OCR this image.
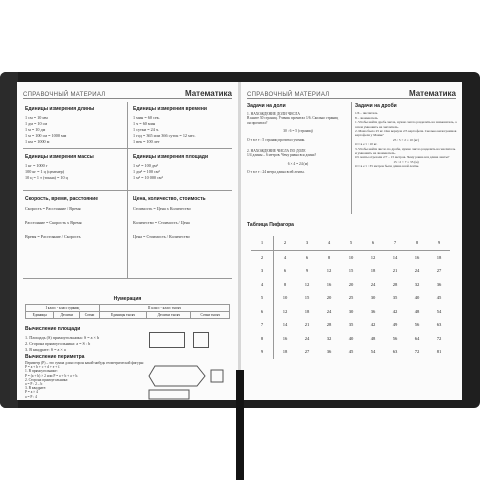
СПРАВОЧНЫЙ МАТЕРИАЛ	Математика
Единицы измерения длины
1 см = 10 мм
1 дм = 10 см
1 м = 10 дм
1 м = 100 см = 1000 мм
1 км = 1000 м
Единицы измерения времени
1 мин = 60 сек.
1 ч = 60 мин
1 сутки = 24 ч.
1 год = 365 или 366 суток = 12 мес.
1 век = 100 лет
Единицы измерения массы
1 кг = 1000 г
100 кг = 1 ц (центнер)
10 ц = 1 т (тонна) = 10 ц
Единицы измерения площади
1 м² = 100 дм²
1 дм² = 100 см²
1 м² = 10 000 см²
Скорость, время, расстояние
Скорость = Расстояние / Время
Расстояние = Скорость x Время
Время = Расстояние / Скорость
Цена, количество, стоимость
Стоимость = Цена x Количество
Количество = Стоимость / Цена
Цена = Стоимость / Количество
Нумерация
I класс - класс единиц			II класс - класс тысяч		
Единицы	Десятки	Сотни	Единицы тысяч	Десятки тысяч	Сотни тысяч
Вычисление площади
1. Площадь (S) прямоугольника: S = a × b
2. Сторона прямоугольника: a = S : b
3. В квадрате: S = a × a
Вычисление периметра
Периметр (P) – это сумма длин сторон какой-нибудь геометрической фигуры:
P = a + b + c + d + e + f.
1. В прямоугольнике:
P = (a + b) × 2 или P = a + b + a + b.
2. Сторона прямоугольника:
a = P : 2 – b
3. В квадрате:
P = a × 4
a = P : 4
СПРАВОЧНЫЙ МАТЕРИАЛ	Математика
Задачи на доли
1. НАХОЖДЕНИЕ ДОЛИ ЧИСЛА
В книге 30 страниц. Ученик прочитал 1/6. Сколько страниц
он прочитал?
30 : 6 = 5 (страниц)
О т в е т : 5 страниц прочитал ученик.
2. НАХОЖДЕНИЕ ЧИСЛА ПО ДОЛЕ
1/4 длины – 6 метров. Чему равна вся длина?
6 × 4 = 24 (м)
О т в е т : 24 метра длина всей ленты.
Задачи на дроби
1/6 – числитель
8 – знаменатель
1. Чтобы найти дробь числа, нужно число разделить на знаменатель, а затем умножить на числитель.
2. Мама было 25 кг. Она вернула 2/5 картофеля. Сколько килограммов картофеля у Мамы?
25 : 5 × 2 = 10 (кг)
О т в е т : 10 кг.
3. Чтобы найти число по дроби, нужно число разделить на числитель и умножить на знаменатель.
От ленты отрезали 2/7 – 15 метров. Чему равна вся длина ленты?
15 : 2 × 7 = 35 (м)
О т в е т : 35 метров была длина всей ленты.
Таблица Пифагора
1	2	3	4	5	6	7	8	9
2	4	6	8	10	12	14	16	18
3	6	9	12	15	18	21	24	27
4	8	12	16	20	24	28	32	36
5	10	15	20	25	30	35	40	45
6	12	18	24	30	36	42	48	54
7	14	21	28	35	42	49	56	63
8	16	24	32	40	48	56	64	72
9	18	27	36	45	54	63	72	81
